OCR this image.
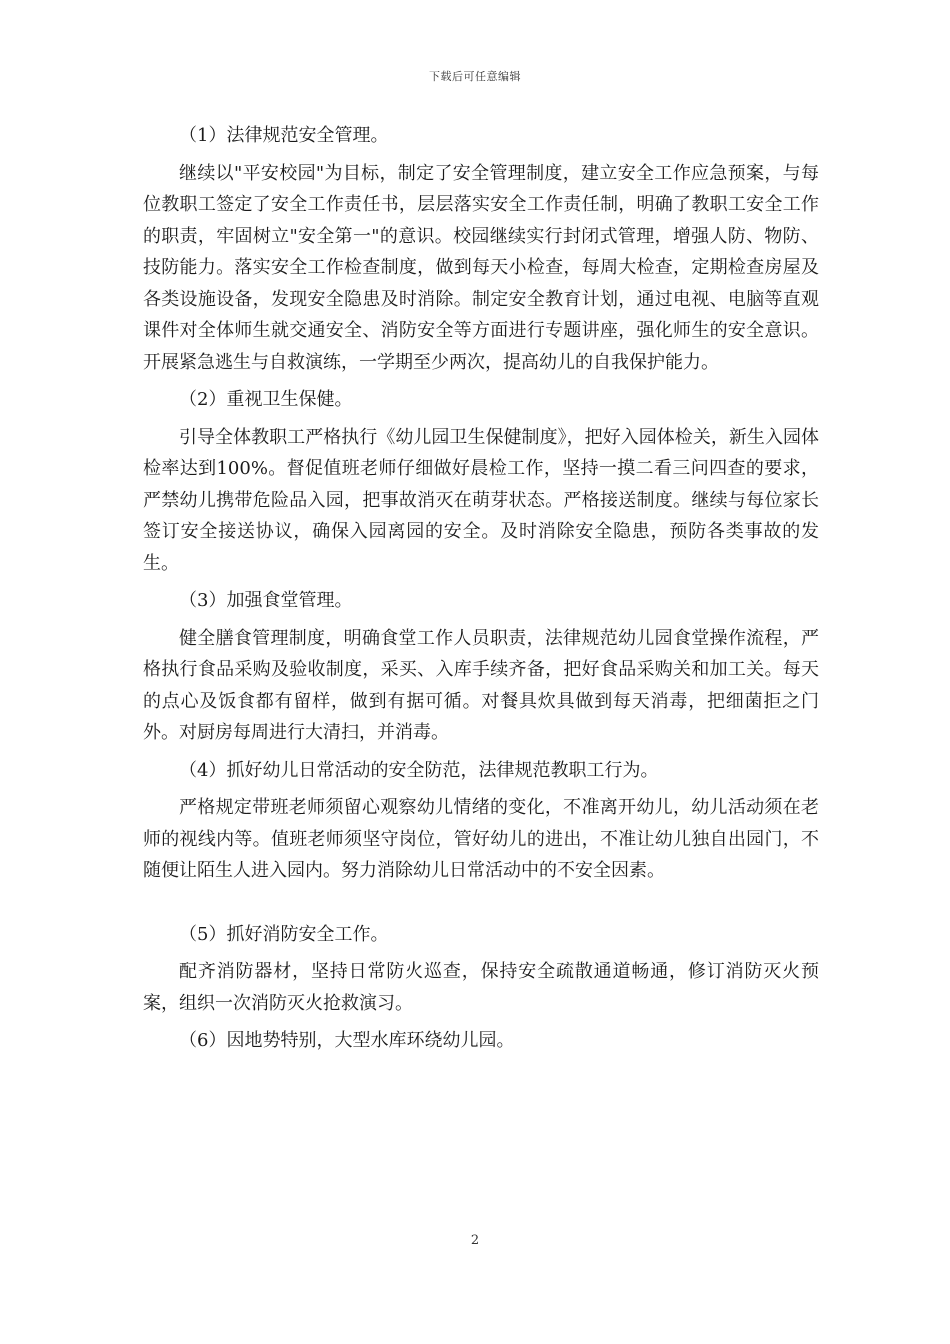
下载后可任意编辑
（1）法律规范安全管理。
继续以"平安校园"为目标，制定了安全管理制度，建立安全工作应急预案，与每位教职工签定了安全工作责任书，层层落实安全工作责任制，明确了教职工安全工作的职责，牢固树立"安全第一"的意识。校园继续实行封闭式管理，增强人防、物防、技防能力。落实安全工作检查制度，做到每天小检查，每周大检查，定期检查房屋及各类设施设备，发现安全隐患及时消除。制定安全教育计划，通过电视、电脑等直观课件对全体师生就交通安全、消防安全等方面进行专题讲座，强化师生的安全意识。开展紧急逃生与自救演练，一学期至少两次，提高幼儿的自我保护能力。
（2）重视卫生保健。
引导全体教职工严格执行《幼儿园卫生保健制度》，把好入园体检关，新生入园体检率达到100%。督促值班老师仔细做好晨检工作，坚持一摸二看三问四查的要求，严禁幼儿携带危险品入园，把事故消灭在萌芽状态。严格接送制度。继续与每位家长签订安全接送协议，确保入园离园的安全。及时消除安全隐患，预防各类事故的发生。
（3）加强食堂管理。
健全膳食管理制度，明确食堂工作人员职责，法律规范幼儿园食堂操作流程，严格执行食品采购及验收制度，采买、入库手续齐备，把好食品采购关和加工关。每天的点心及饭食都有留样，做到有据可循。对餐具炊具做到每天消毒，把细菌拒之门外。对厨房每周进行大清扫，并消毒。
（4）抓好幼儿日常活动的安全防范，法律规范教职工行为。
严格规定带班老师须留心观察幼儿情绪的变化，不准离开幼儿，幼儿活动须在老师的视线内等。值班老师须坚守岗位，管好幼儿的进出，不准让幼儿独自出园门，不随便让陌生人进入园内。努力消除幼儿日常活动中的不安全因素。
（5）抓好消防安全工作。
配齐消防器材，坚持日常防火巡查，保持安全疏散通道畅通，修订消防灭火预案，组织一次消防灭火抢救演习。
（6）因地势特别，大型水库环绕幼儿园。
2
